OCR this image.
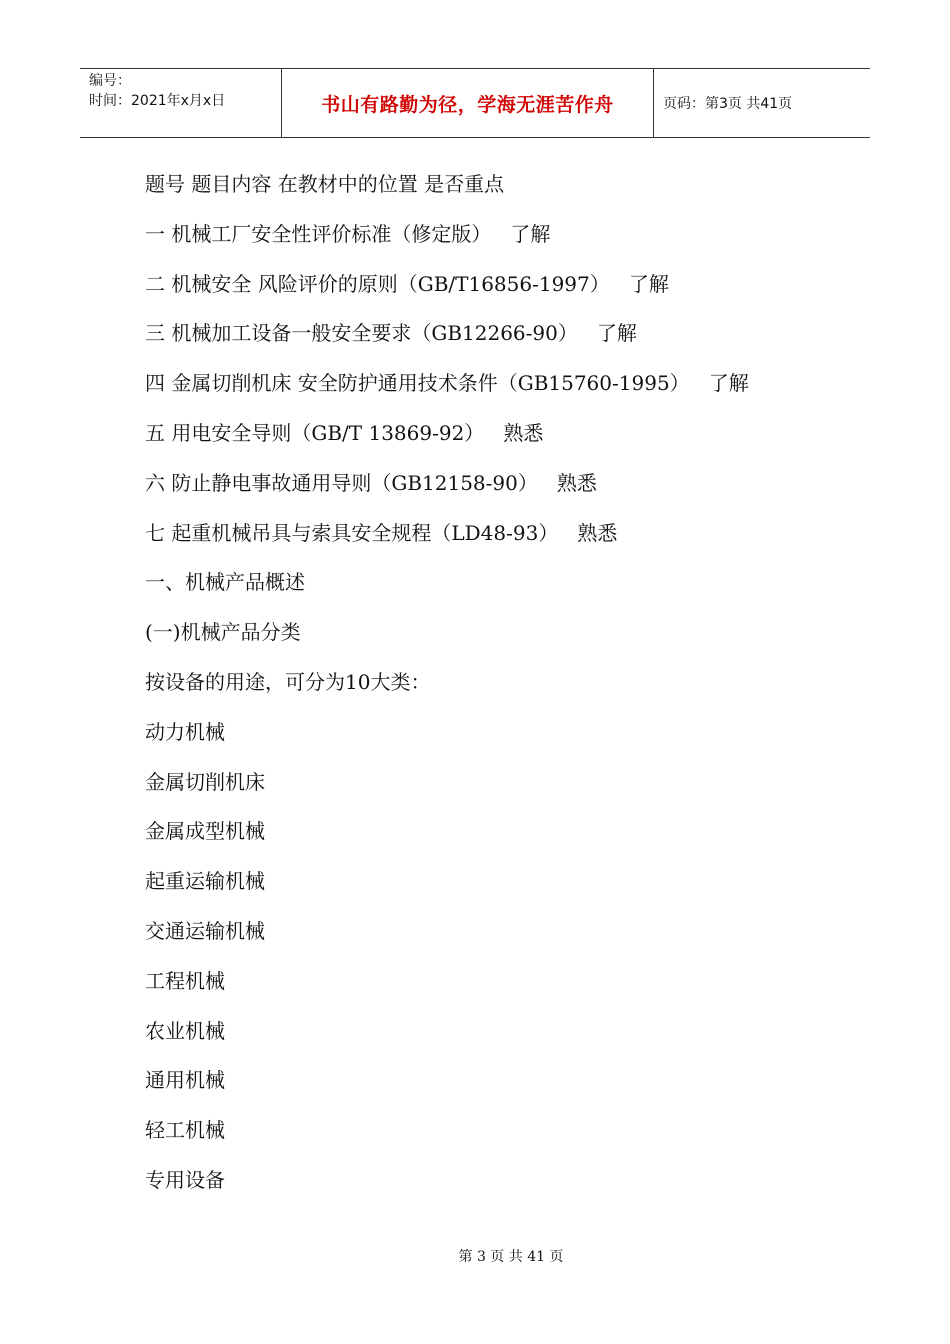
编号：
时间：2021年x月x日	书山有路勤为径，学海无涯苦作舟	页码：第3页 共41页
题号 题目内容 在教材中的位置 是否重点
一 机械工厂安全性评价标准（修定版）   了解
二 机械安全 风险评价的原则（GB/T16856-1997）   了解
三 机械加工设备一般安全要求（GB12266-90）   了解
四 金属切削机床 安全防护通用技术条件（GB15760-1995）   了解
五 用电安全导则（GB/T 13869-92）   熟悉
六 防止静电事故通用导则（GB12158-90）   熟悉
七 起重机械吊具与索具安全规程（LD48-93）   熟悉
一、机械产品概述
(一)机械产品分类
按设备的用途，可分为10大类：
动力机械
金属切削机床
金属成型机械
起重运输机械
交通运输机械
工程机械
农业机械
通用机械
轻工机械
专用设备
第 3 页 共 41 页
